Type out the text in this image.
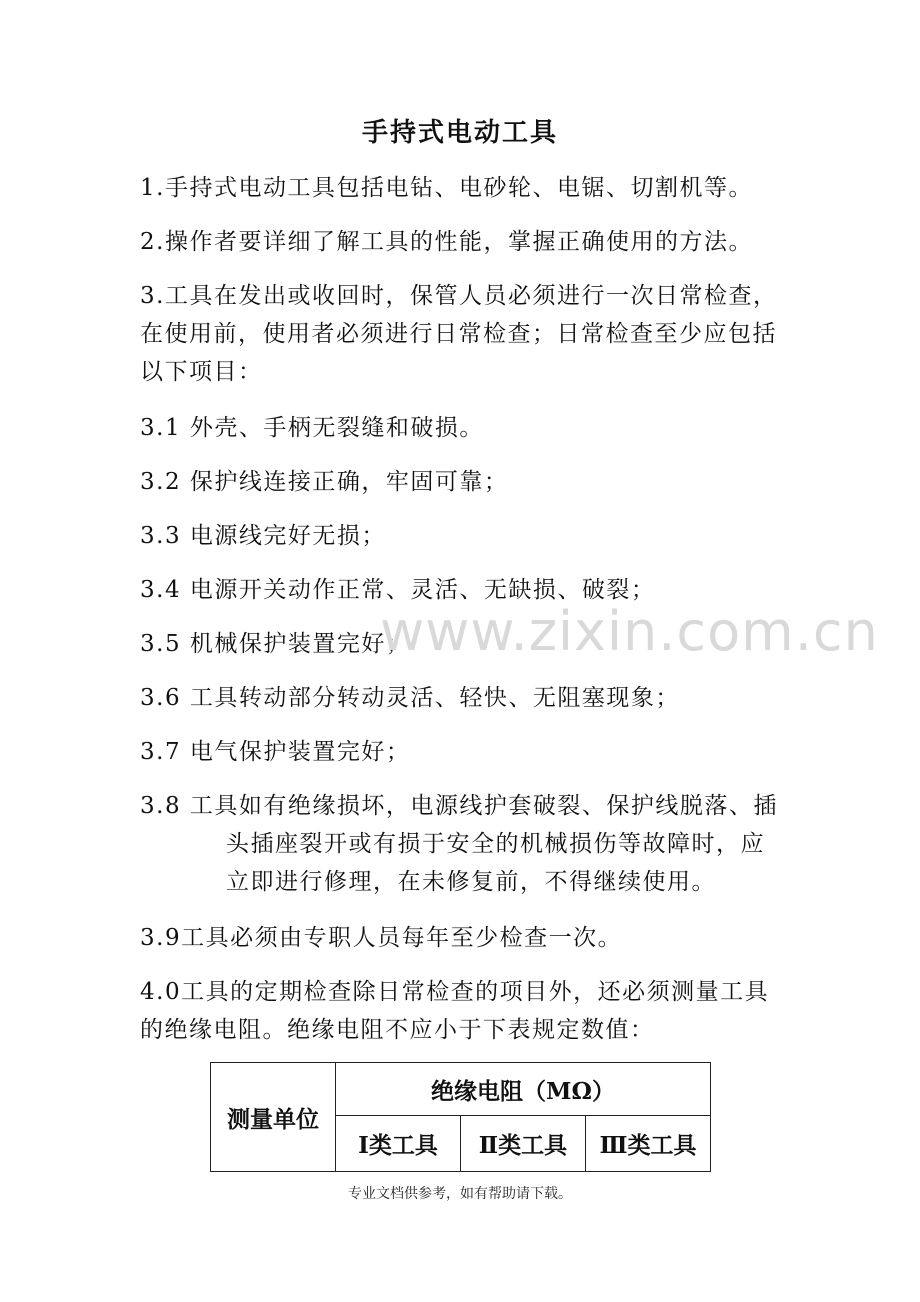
手持式电动工具
1.手持式电动工具包括电钻、电砂轮、电锯、切割机等。
2.操作者要详细了解工具的性能，掌握正确使用的方法。
3.工具在发出或收回时，保管人员必须进行一次日常检查，
在使用前，使用者必须进行日常检查；日常检查至少应包括
以下项目：
3.1 外壳、手柄无裂缝和破损。
3.2 保护线连接正确，牢固可靠；
3.3 电源线完好无损；
3.4 电源开关动作正常、灵活、无缺损、破裂；
3.5 机械保护装置完好；
3.6 工具转动部分转动灵活、轻快、无阻塞现象；
3.7 电气保护装置完好；
3.8 工具如有绝缘损坏，电源线护套破裂、保护线脱落、插
头插座裂开或有损于安全的机械损伤等故障时，应
立即进行修理，在未修复前，不得继续使用。
3.9工具必须由专职人员每年至少检查一次。
4.0工具的定期检查除日常检查的项目外，还必须测量工具
的绝缘电阻。绝缘电阻不应小于下表规定数值：
www.zixin.com.cn
测量单位	绝缘电阻（MΩ）		
	Ⅰ类工具	Ⅱ类工具	Ⅲ类工具
专业文档供参考，如有帮助请下载。
